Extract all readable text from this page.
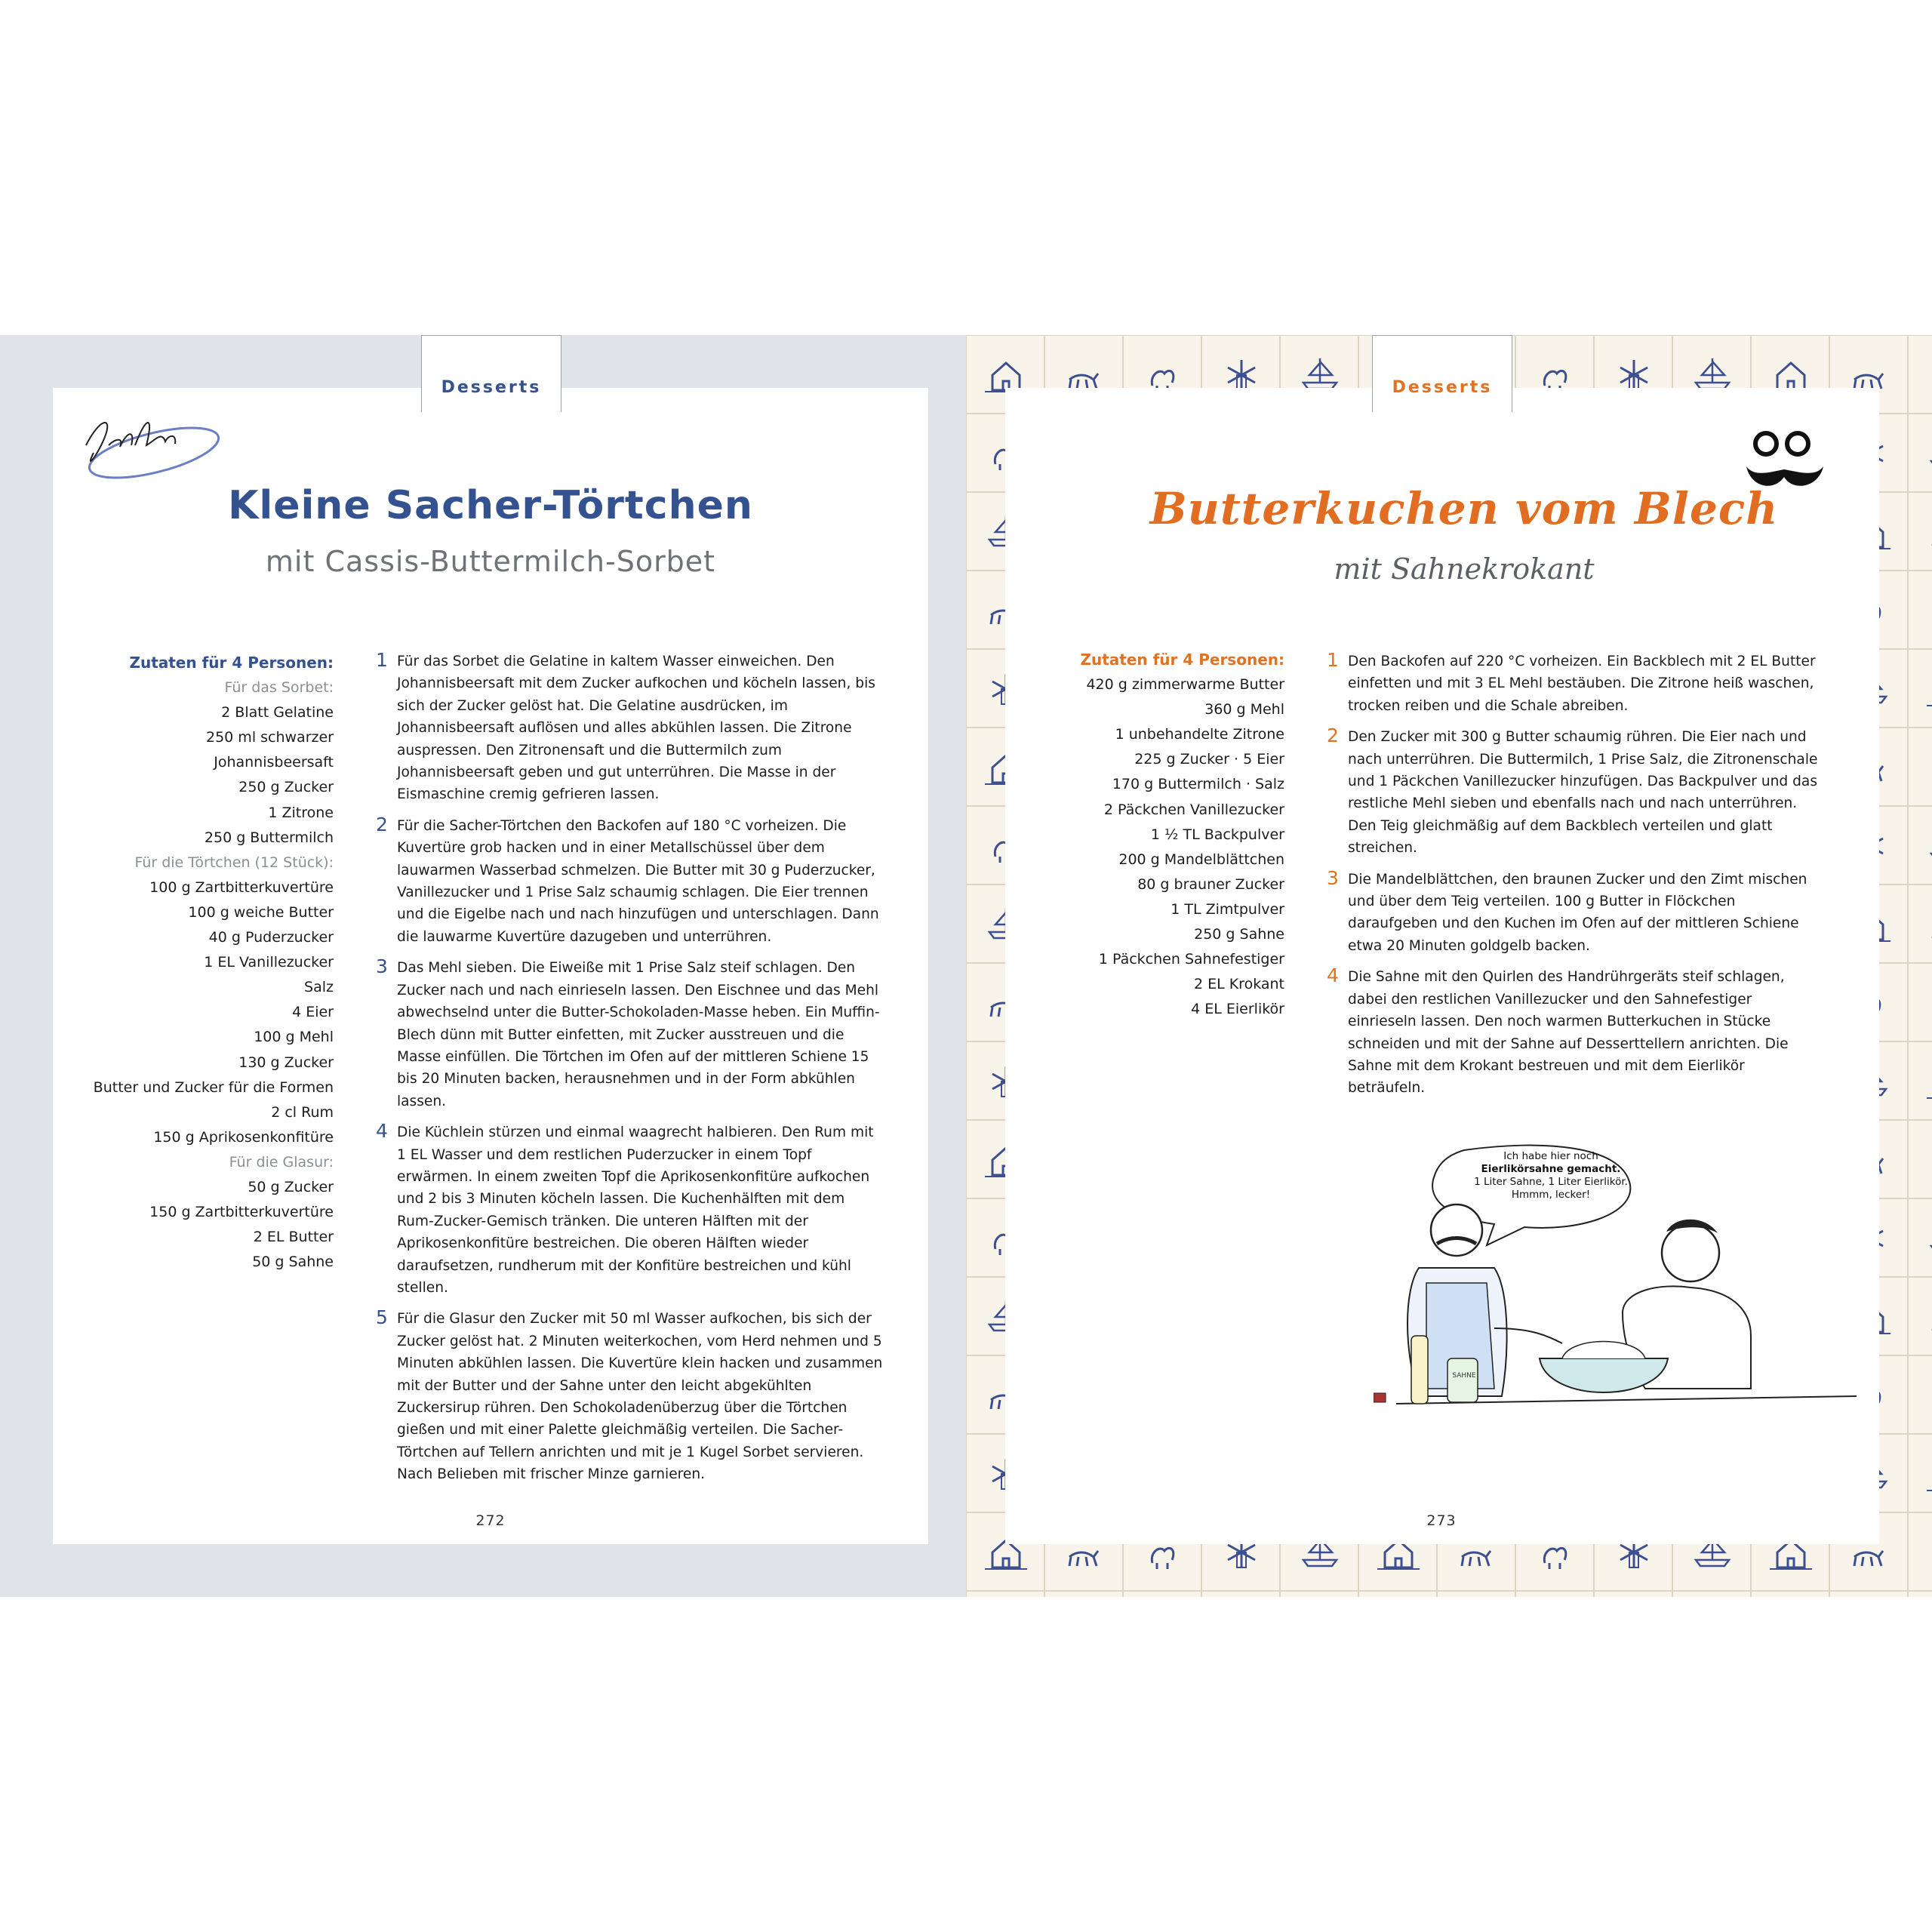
Desserts	Desserts
Kleine Sacher-Törtchen
mit Cassis-Buttermilch-Sorbet
Butterkuchen vom Blech
mit Sahnekrokant
Zutaten für 4 Personen:
Für das Sorbet:
2 Blatt Gelatine
250 ml schwarzer
Johannisbeersaft
250 g Zucker
1 Zitrone
250 g Buttermilch
Für die Törtchen (12 Stück):
100 g Zartbitterkuvertüre
100 g weiche Butter
40 g Puderzucker
1 EL Vanillezucker
Salz
4 Eier
100 g Mehl
130 g Zucker
Butter und Zucker für die Formen
2 cl Rum
150 g Aprikosenkonfitüre
Für die Glasur:
50 g Zucker
150 g Zartbitterkuvertüre
2 EL Butter
50 g Sahne
Zutaten für 4 Personen:
420 g zimmerwarme Butter
360 g Mehl
1 unbehandelte Zitrone
225 g Zucker · 5 Eier
170 g Buttermilch · Salz
2 Päckchen Vanillezucker
1 ½ TL Backpulver
200 g Mandelblättchen
80 g brauner Zucker
1 TL Zimtpulver
250 g Sahne
1 Päckchen Sahnefestiger
2 EL Krokant
4 EL Eierlikör
1 Für das Sorbet die Gelatine in kaltem Wasser einweichen. Den Johannisbeersaft mit dem Zucker aufkochen und köcheln lassen, bis sich der Zucker gelöst hat. Die Gelatine ausdrücken, im Johannisbeersaft auflösen und alles abkühlen lassen. Die Zitrone auspressen. Den Zitronensaft und die Buttermilch zum Johannisbeersaft geben und gut unterrühren. Die Masse in der Eismaschine cremig gefrieren lassen.
2 Für die Sacher-Törtchen den Backofen auf 180 °C vorheizen. Die Kuvertüre grob hacken und in einer Metallschüssel über dem lauwarmen Wasserbad schmelzen. Die Butter mit 30 g Puderzucker, Vanillezucker und 1 Prise Salz schaumig schlagen. Die Eier trennen und die Eigelbe nach und nach hinzufügen und unterschlagen. Dann die lauwarme Kuvertüre dazugeben und unterrühren.
3 Das Mehl sieben. Die Eiweiße mit 1 Prise Salz steif schlagen. Den Zucker nach und nach einrieseln lassen. Den Eischnee und das Mehl abwechselnd unter die Butter-Schokoladen-Masse heben. Ein Muffin-Blech dünn mit Butter einfetten, mit Zucker ausstreuen und die Masse einfüllen. Die Törtchen im Ofen auf der mittleren Schiene 15 bis 20 Minuten backen, herausnehmen und in der Form abkühlen lassen.
4 Die Küchlein stürzen und einmal waagrecht halbieren. Den Rum mit 1 EL Wasser und dem restlichen Puderzucker in einem Topf erwärmen. In einem zweiten Topf die Aprikosenkonfitüre aufkochen und 2 bis 3 Minuten köcheln lassen. Die Kuchenhälften mit dem Rum-Zucker-Gemisch tränken. Die unteren Hälften mit der Aprikosenkonfitüre bestreichen. Die oberen Hälften wieder daraufsetzen, rundherum mit der Konfitüre bestreichen und kühl stellen.
5 Für die Glasur den Zucker mit 50 ml Wasser aufkochen, bis sich der Zucker gelöst hat. 2 Minuten weiterkochen, vom Herd nehmen und 5 Minuten abkühlen lassen. Die Kuvertüre klein hacken und zusammen mit der Butter und der Sahne unter den leicht abgekühlten Zuckersirup rühren. Den Schokoladenüberzug über die Törtchen gießen und mit einer Palette gleichmäßig verteilen. Die Sacher-Törtchen auf Tellern anrichten und mit je 1 Kugel Sorbet servieren. Nach Belieben mit frischer Minze garnieren.
1 Den Backofen auf 220 °C vorheizen. Ein Backblech mit 2 EL Butter einfetten und mit 3 EL Mehl bestäuben. Die Zitrone heiß waschen, trocken reiben und die Schale abreiben.
2 Den Zucker mit 300 g Butter schaumig rühren. Die Eier nach und nach unterrühren. Die Buttermilch, 1 Prise Salz, die Zitronenschale und 1 Päckchen Vanillezucker hinzufügen. Das Backpulver und das restliche Mehl sieben und ebenfalls nach und nach unterrühren. Den Teig gleichmäßig auf dem Backblech verteilen und glatt streichen.
3 Die Mandelblättchen, den braunen Zucker und den Zimt mischen und über dem Teig verteilen. 100 g Butter in Flöckchen daraufgeben und den Kuchen im Ofen auf der mittleren Schiene etwa 20 Minuten goldgelb backen.
4 Die Sahne mit den Quirlen des Handrührgeräts steif schlagen, dabei den restlichen Vanillezucker und den Sahnefestiger einrieseln lassen. Den noch warmen Butterkuchen in Stücke schneiden und mit der Sahne auf Desserttellern anrichten. Die Sahne mit dem Krokant bestreuen und mit dem Eierlikör beträufeln.
Ich habe hier noch
Eierlikörsahne gemacht.
1 Liter Sahne, 1 Liter Eierlikör.
Hmmm, lecker!
SAHNE
272	273
